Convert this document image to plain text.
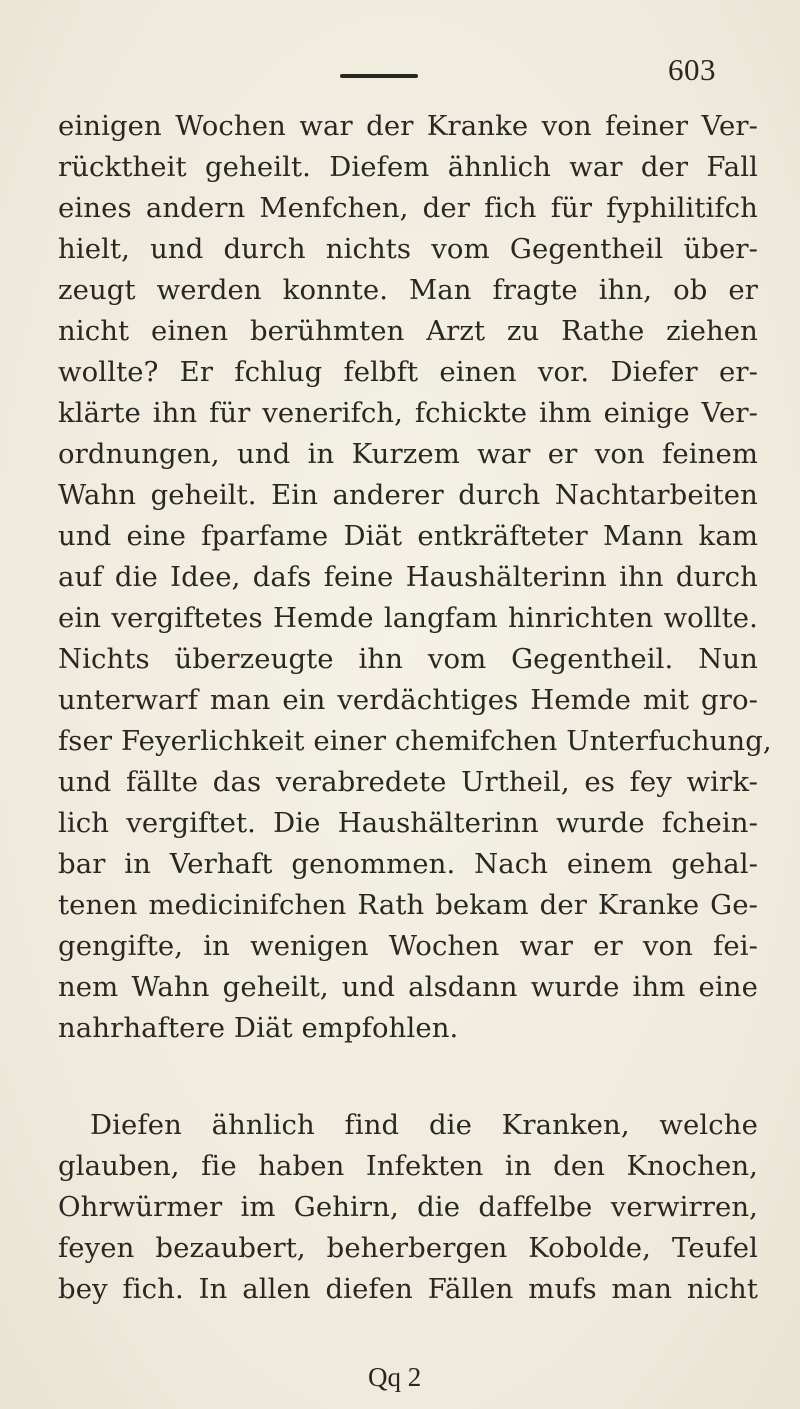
603
einigen Wochen war der Kranke von feiner Ver-
rücktheit geheilt. Diefem ähnlich war der Fall
eines andern Menfchen, der fich für fyphilitifch
hielt, und durch nichts vom Gegentheil über-
zeugt werden konnte. Man fragte ihn, ob er
nicht einen berühmten Arzt zu Rathe ziehen
wollte? Er fchlug felbft einen vor. Diefer er-
klärte ihn für venerifch, fchickte ihm einige Ver-
ordnungen, und in Kurzem war er von feinem
Wahn geheilt. Ein anderer durch Nachtarbeiten
und eine fparfame Diät entkräfteter Mann kam
auf die Idee, dafs feine Haushälterinn ihn durch
ein vergiftetes Hemde langfam hinrichten wollte.
Nichts überzeugte ihn vom Gegentheil. Nun
unterwarf man ein verdächtiges Hemde mit gro-
fser Feyerlichkeit einer chemifchen Unterfuchung,
und fällte das verabredete Urtheil, es fey wirk-
lich vergiftet. Die Haushälterinn wurde fchein-
bar in Verhaft genommen. Nach einem gehal-
tenen medicinifchen Rath bekam der Kranke Ge-
gengifte, in wenigen Wochen war er von fei-
nem Wahn geheilt, und alsdann wurde ihm eine
nahrhaftere Diät empfohlen.
Diefen ähnlich find die Kranken, welche
glauben, fie haben Infekten in den Knochen,
Ohrwürmer im Gehirn, die daffelbe verwirren,
feyen bezaubert, beherbergen Kobolde, Teufel
bey fich. In allen diefen Fällen mufs man nicht
Qq 2
